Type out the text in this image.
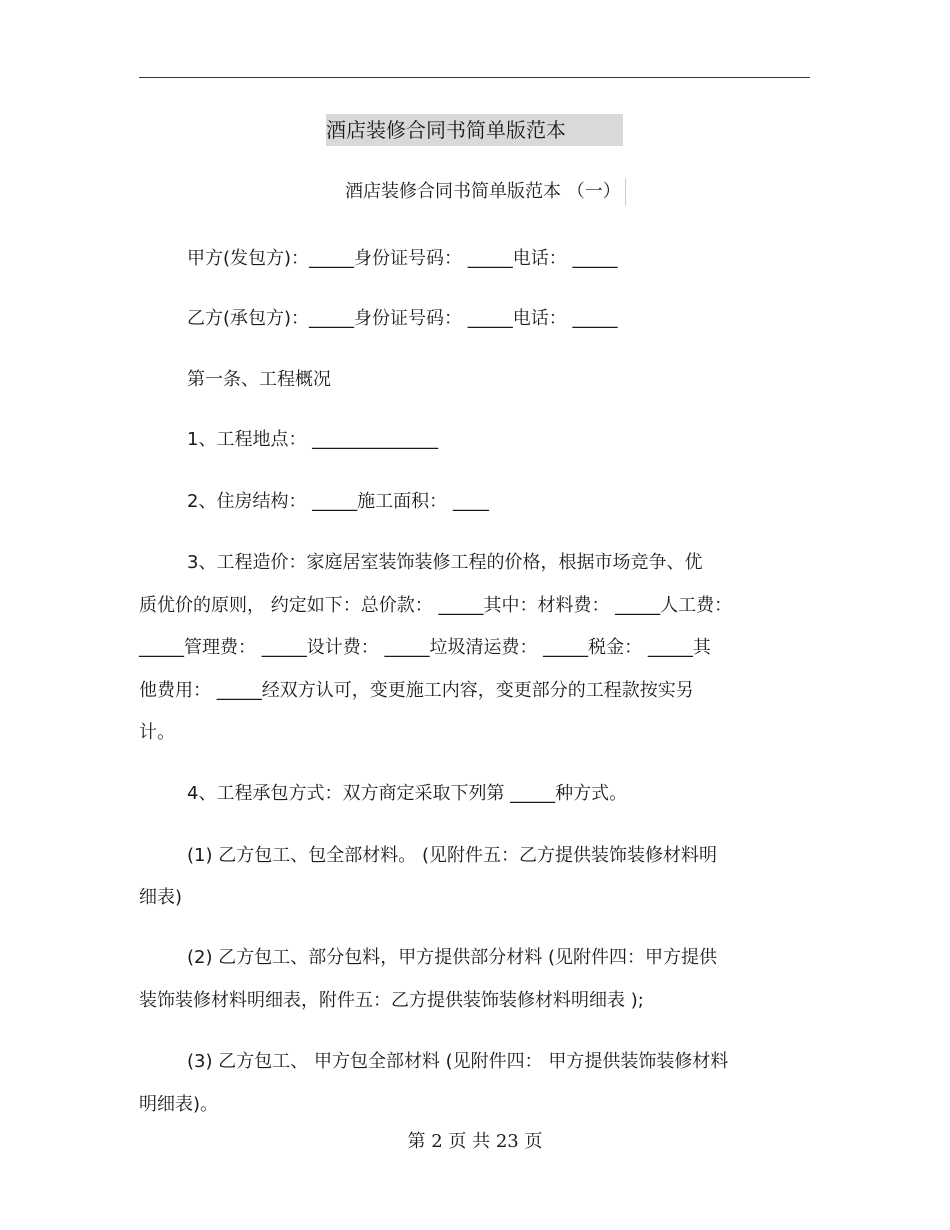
酒店装修合同书简单版范本
酒店装修合同书简单版范本 （一）
甲方(发包方)：_____身份证号码： _____电话： _____
乙方(承包方)：_____身份证号码： _____电话： _____
第一条、工程概况
1、工程地点： ______________
2、住房结构： _____施工面积： ____
3、工程造价：家庭居室装饰装修工程的价格，根据市场竞争、优
质优价的原则， 约定如下：总价款： _____其中：材料费： _____人工费：
_____管理费： _____设计费： _____垃圾清运费： _____税金： _____其
他费用： _____经双方认可，变更施工内容，变更部分的工程款按实另
计。
4、工程承包方式：双方商定采取下列第 _____种方式。
(1) 乙方包工、包全部材料。 (见附件五：乙方提供装饰装修材料明
细表)
(2) 乙方包工、部分包料，甲方提供部分材料 (见附件四：甲方提供
装饰装修材料明细表，附件五：乙方提供装饰装修材料明细表 );
(3) 乙方包工、 甲方包全部材料 (见附件四： 甲方提供装饰装修材料
明细表)。
第 2 页 共 23 页
